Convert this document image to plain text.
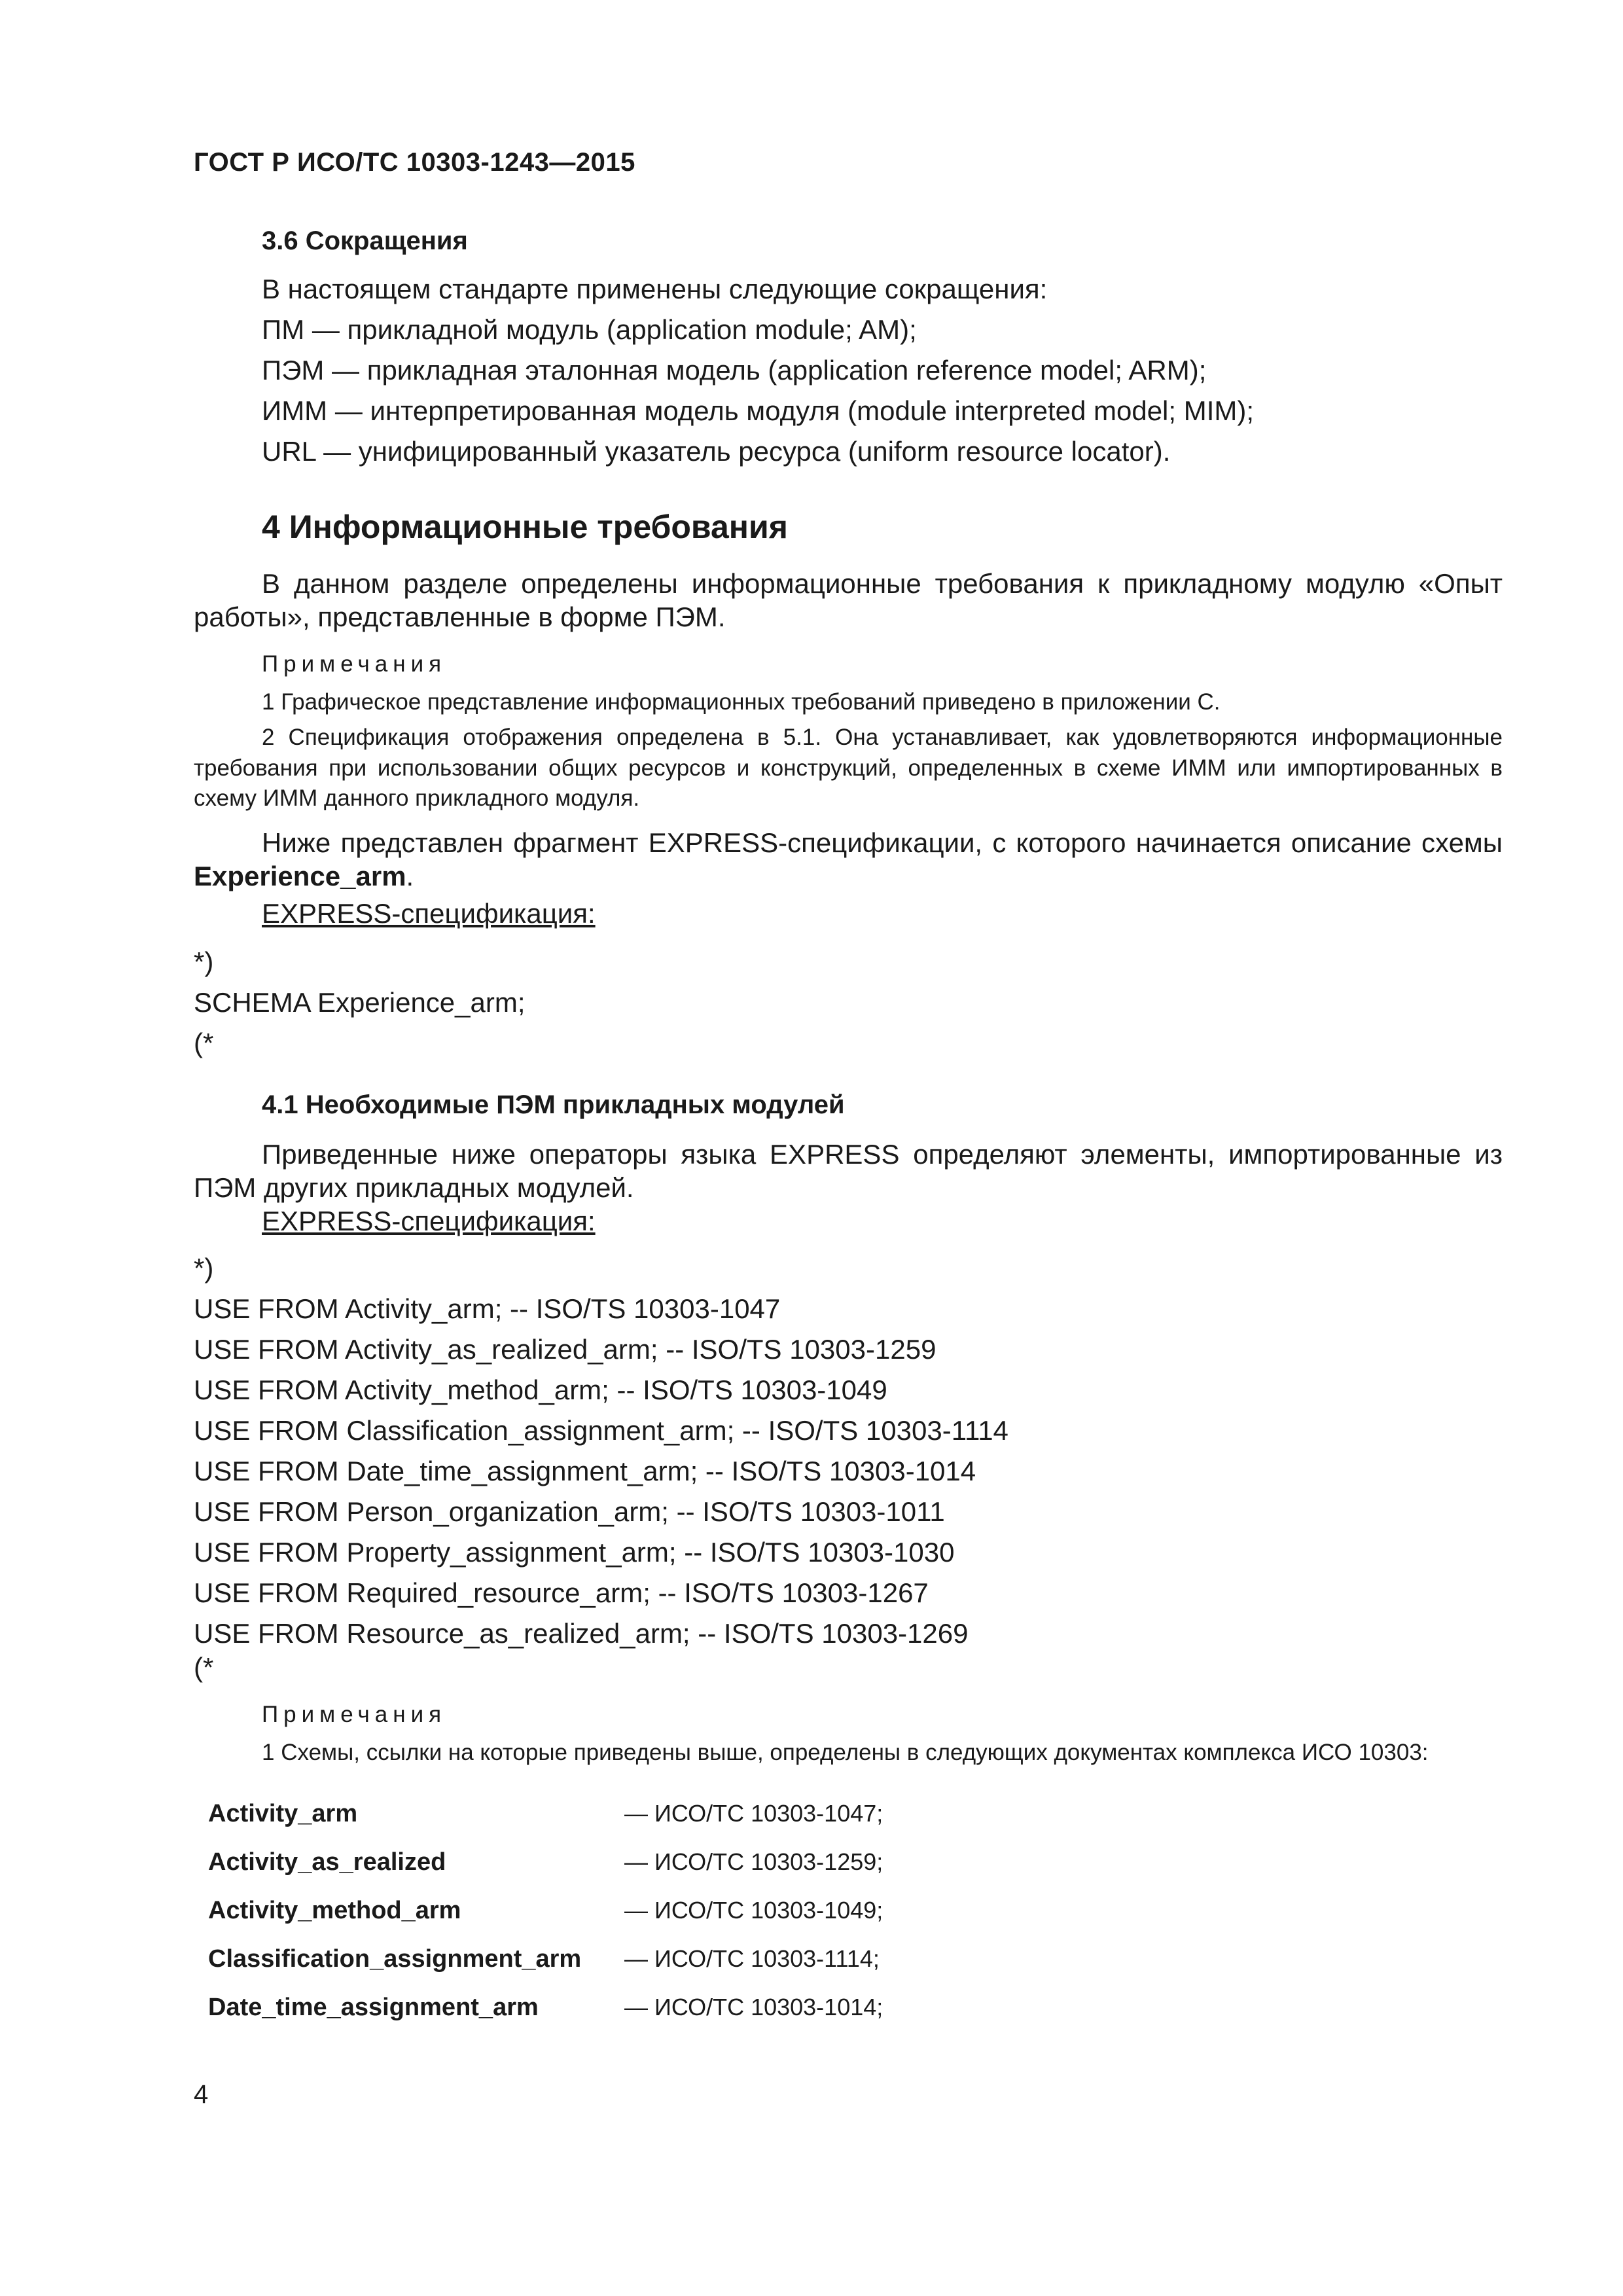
ГОСТ Р ИСО/ТС 10303-1243—2015
3.6 Сокращения
В настоящем стандарте применены следующие сокращения:
ПМ — прикладной модуль (application module; AM);
ПЭМ — прикладная эталонная модель (application reference model; ARM);
ИММ — интерпретированная модель модуля (module interpreted model; MIM);
URL — унифицированный указатель ресурса (uniform resource locator).
4 Информационные требования
В данном разделе определены информационные требования к прикладному модулю «Опыт работы», представленные в форме ПЭМ.
Примечания
1 Графическое представление информационных требований приведено в приложении С.
2 Спецификация отображения определена в 5.1. Она устанавливает, как удовлетворяются информационные требования при использовании общих ресурсов и конструкций, определенных в схеме ИММ или импортированных в схему ИММ данного прикладного модуля.
Ниже представлен фрагмент EXPRESS-спецификации, с которого начинается описание схемы Experience_arm.
EXPRESS-спецификация:
*)
SCHEMA Experience_arm;
(*
4.1 Необходимые ПЭМ прикладных модулей
Приведенные ниже операторы языка EXPRESS определяют элементы, импортированные из ПЭМ других прикладных модулей.
EXPRESS-спецификация:
*)
USE FROM Activity_arm; -- ISO/TS 10303-1047
USE FROM Activity_as_realized_arm; -- ISO/TS 10303-1259
USE FROM Activity_method_arm; -- ISO/TS 10303-1049
USE FROM Classification_assignment_arm; -- ISO/TS 10303-1114
USE FROM Date_time_assignment_arm; -- ISO/TS 10303-1014
USE FROM Person_organization_arm; -- ISO/TS 10303-1011
USE FROM Property_assignment_arm; -- ISO/TS 10303-1030
USE FROM Required_resource_arm; -- ISO/TS 10303-1267
USE FROM Resource_as_realized_arm; -- ISO/TS 10303-1269
(*
Примечания
1 Схемы, ссылки на которые приведены выше, определены в следующих документах комплекса ИСО 10303:
Activity_arm	— ИСО/ТС 10303-1047;
Activity_as_realized	— ИСО/ТС 10303-1259;
Activity_method_arm	— ИСО/ТС 10303-1049;
Classification_assignment_arm — ИСО/ТС 10303-1114;
Date_time_assignment_arm	— ИСО/ТС 10303-1014;
4
